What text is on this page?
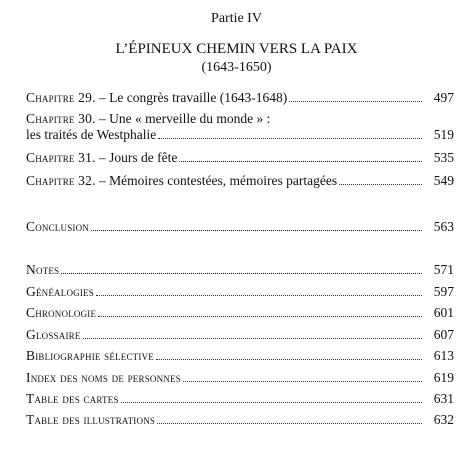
Partie IV
L’ÉPINEUX CHEMIN VERS LA PAIX
(1643-1650)
Chapitre 29. – Le congrès travaille (1643-1648)	497
Chapitre 30. – Une « merveille du monde » :
les traités de Westphalie	519
Chapitre 31. – Jours de fête	535
Chapitre 32. – Mémoires contestées, mémoires partagées	549
Conclusion	563
Notes	571
Généalogies	597
Chronologie	601
Glossaire	607
Bibliographie sélective	613
Index des noms de personnes	619
Table des cartes	631
Table des illustrations	632
